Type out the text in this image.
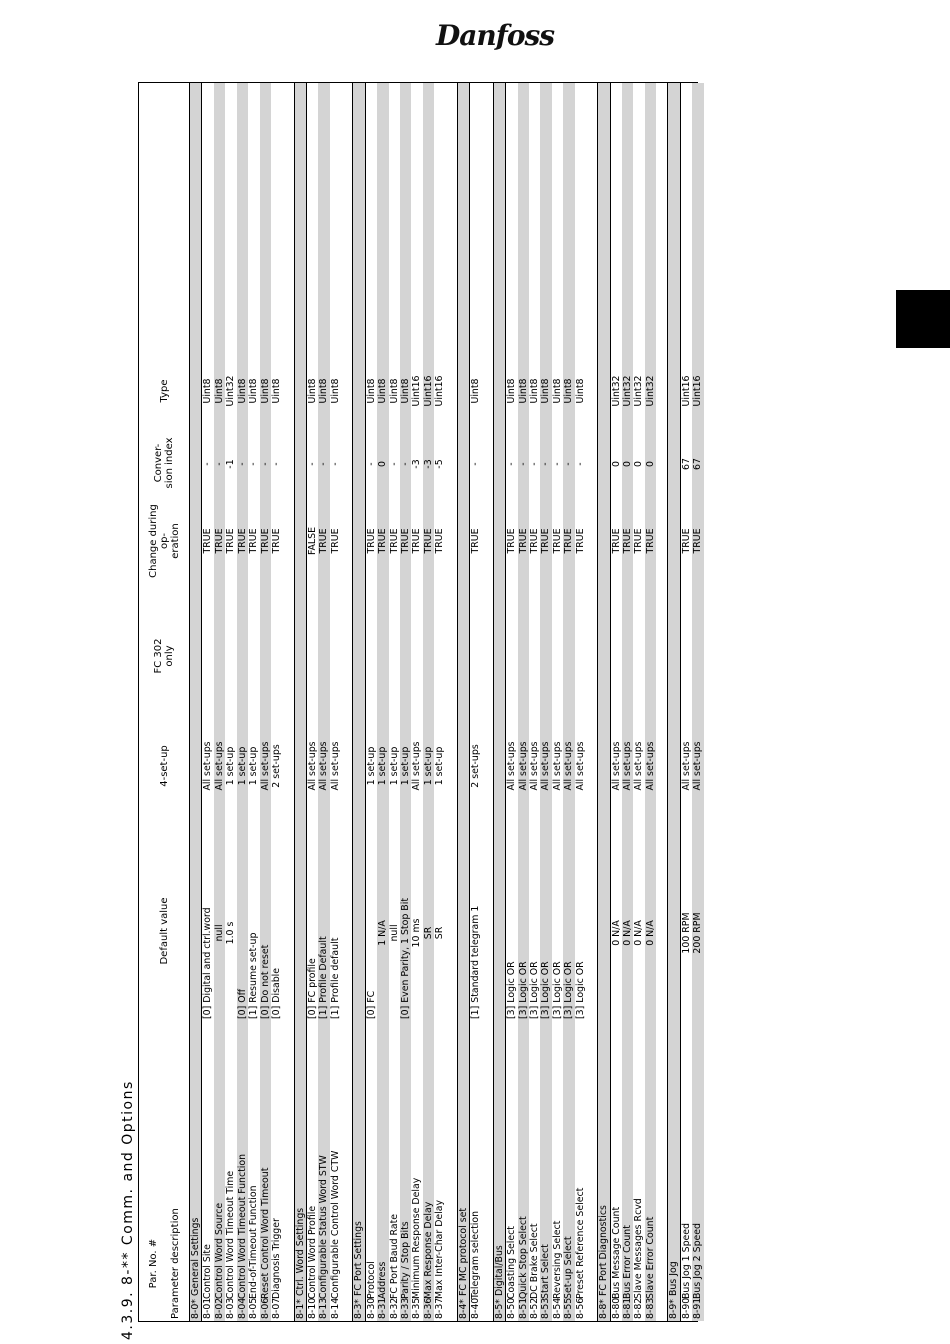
Danfoss
4.3.9. 8-** Comm. and Options Par. No. #
Parameter description
Default value
4-set-up
FC 302 only
Change during op- eration
Conver- sion index
Type
8-0* General Settings 8-01
Control Site
[0] Digital and ctrl.word
All set-ups
TRUE
-
Uint8
8-02
Control Word Source
null
All set-ups
TRUE
-
Uint8
8-03
Control Word Timeout Time
1.0 s
1 set-up
TRUE
-1
Uint32
8-04
Control Word Timeout Function
[0] Off
1 set-up
TRUE
-
Uint8
8-05
End-of-Timeout Function
[1] Resume set-up
1 set-up
TRUE
-
Uint8
8-06
Reset Control Word Timeout
[0] Do not reset
All set-ups
TRUE
-
Uint8
8-07
Diagnosis Trigger
[0] Disable
2 set-ups
TRUE
-
Uint8
8-1* Ctrl. Word Settings 8-10
Control Word Profile
[0] FC profile
All set-ups
FALSE
-
Uint8
8-13
Configurable Status Word STW
[1] Profile Default
All set-ups
TRUE
-
Uint8
8-14
Configurable Control Word CTW
[1] Profile default
All set-ups
TRUE
-
Uint8
8-3* FC Port Settings 8-30
Protocol
[0] FC
1 set-up
TRUE
-
Uint8
8-31
Address
1 N/A
1 set-up
TRUE
0
Uint8
8-32
FC Port Baud Rate
null
1 set-up
TRUE
-
Uint8
8-33
Parity / Stop Bits
[0] Even Parity, 1 Stop Bit
1 set-up
TRUE
-
Uint8
8-35
Minimum Response Delay
10 ms
All set-ups
TRUE
-3
Uint16
8-36
Max Response Delay
SR
1 set-up
TRUE
-3
Uint16
8-37
Max Inter-Char Delay
SR
1 set-up
TRUE
-5
Uint16
8-4* FC MC protocol set 8-40
Telegram selection
[1] Standard telegram 1
2 set-ups
TRUE
-
Uint8
8-5* Digital/Bus 8-50
Coasting Select
[3] Logic OR
All set-ups
TRUE
-
Uint8
8-51
Quick Stop Select
[3] Logic OR
All set-ups
TRUE
-
Uint8
8-52
DC Brake Select
[3] Logic OR
All set-ups
TRUE
-
Uint8
8-53
Start Select
[3] Logic OR
All set-ups
TRUE
-
Uint8
8-54
Reversing Select
[3] Logic OR
All set-ups
TRUE
-
Uint8
8-55
Set-up Select
[3] Logic OR
All set-ups
TRUE
-
Uint8
8-56
Preset Reference Select
[3] Logic OR
All set-ups
TRUE
-
Uint8
8-8* FC Port Diagnostics 8-80
Bus Message Count
0 N/A
All set-ups
TRUE
0
Uint32
8-81
Bus Error Count
0 N/A
All set-ups
TRUE
0
Uint32
8-82
Slave Messages Rcvd
0 N/A
All set-ups
TRUE
0
Uint32
8-83
Slave Error Count
0 N/A
All set-ups
TRUE
0
Uint32
8-9* Bus Jog 8-90
Bus Jog 1 Speed
100 RPM
All set-ups
TRUE
67
Uint16
8-91
Bus Jog 2 Speed
200 RPM
All set-ups
TRUE
67
Uint16
